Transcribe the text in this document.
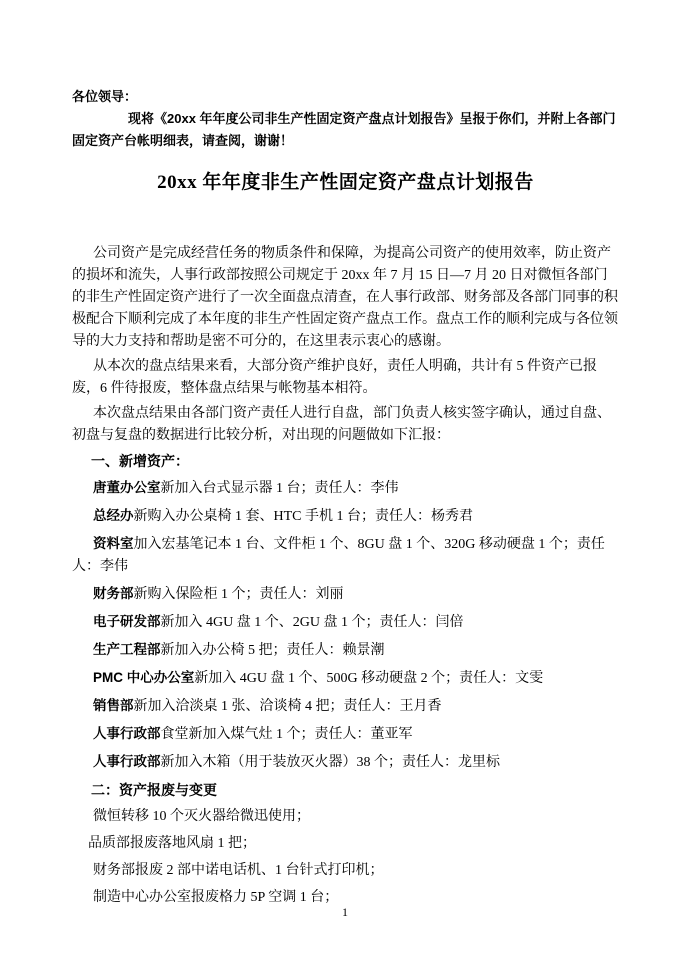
各位领导：

现将《20xx 年年度公司非生产性固定资产盘点计划报告》呈报于你们，并附上各部门固定资产台帐明细表，请查阅，谢谢！

20xx 年年度非生产性固定资产盘点计划报告

公司资产是完成经营任务的物质条件和保障，为提高公司资产的使用效率，防止资产的损坏和流失，人事行政部按照公司规定于 20xx 年 7 月 15 日—7 月 20 日对微恒各部门的非生产性固定资产进行了一次全面盘点清查，在人事行政部、财务部及各部门同事的积极配合下顺利完成了本年度的非生产性固定资产盘点工作。盘点工作的顺利完成与各位领导的大力支持和帮助是密不可分的，在这里表示衷心的感谢。

从本次的盘点结果来看，大部分资产维护良好，责任人明确，共计有 5 件资产已报废，6 件待报废，整体盘点结果与帐物基本相符。

本次盘点结果由各部门资产责任人进行自盘，部门负责人核实签字确认，通过自盘、初盘与复盘的数据进行比较分析，对出现的问题做如下汇报：

一、新增资产：

唐董办公室新加入台式显示器 1 台；责任人：李伟

总经办新购入办公桌椅 1 套、HTC 手机 1 台；责任人：杨秀君

资料室加入宏基笔记本 1 台、文件柜 1 个、8GU 盘 1 个、320G 移动硬盘 1 个；责任人：李伟

财务部新购入保险柜 1 个；责任人：刘丽

电子研发部新加入 4GU 盘 1 个、2GU 盘 1 个；责任人：闫倍

生产工程部新加入办公椅 5 把；责任人：赖景潮

PMC 中心办公室新加入 4GU 盘 1 个、500G 移动硬盘 2 个；责任人：文雯

销售部新加入洽淡桌 1 张、洽谈椅 4 把；责任人：王月香

人事行政部食堂新加入煤气灶 1 个；责任人：董亚军

人事行政部新加入木箱（用于装放灭火器）38 个；责任人：龙里标

二：资产报废与变更

微恒转移 10 个灭火器给微迅使用；

品质部报废落地风扇 1 把；

财务部报废 2 部中诺电话机、1 台针式打印机；

制造中心办公室报废格力 5P 空调 1 台；

1
